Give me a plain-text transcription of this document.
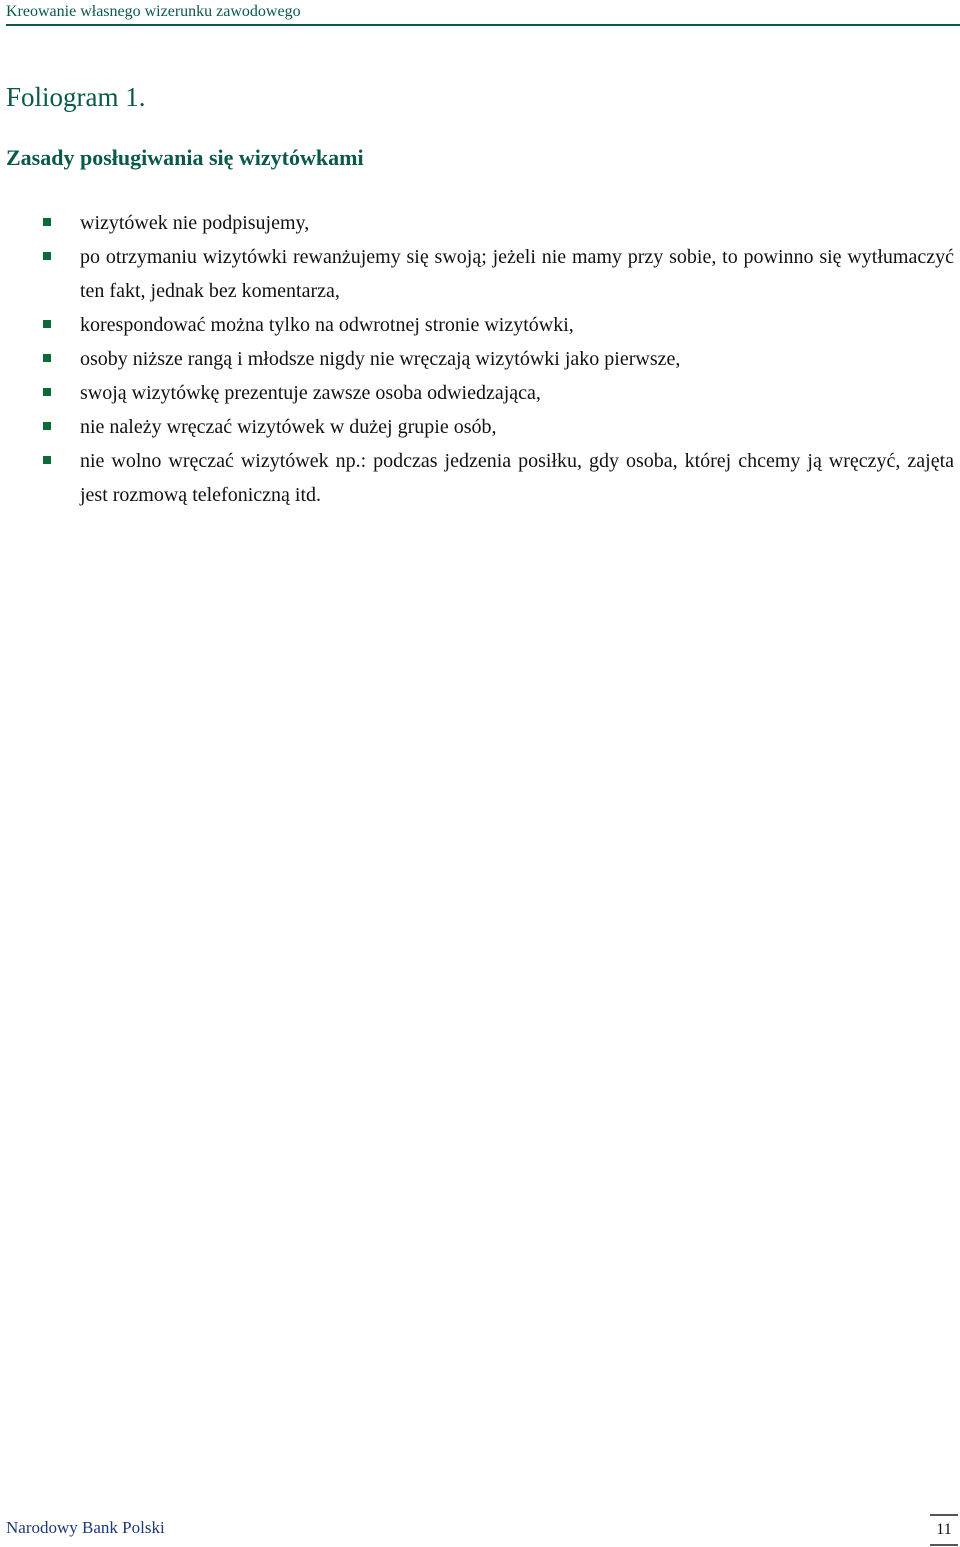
Kreowanie własnego wizerunku zawodowego
Foliogram 1.
Zasady posługiwania się wizytówkami
wizytówek nie podpisujemy,
po otrzymaniu wizytówki rewanżujemy się swoją; jeżeli nie mamy przy sobie, to powinno się wytłumaczyć ten fakt, jednak bez komentarza,
korespondować można tylko na odwrotnej stronie wizytówki,
osoby niższe rangą i młodsze nigdy nie wręczają wizytówki jako pierwsze,
swoją wizytówkę prezentuje zawsze osoba odwiedzająca,
nie należy wręczać wizytówek w dużej grupie osób,
nie wolno wręczać wizytówek np.: podczas jedzenia posiłku, gdy osoba, której chcemy ją wręczyć, zajęta jest rozmową telefoniczną itd.
Narodowy Bank Polski	11
